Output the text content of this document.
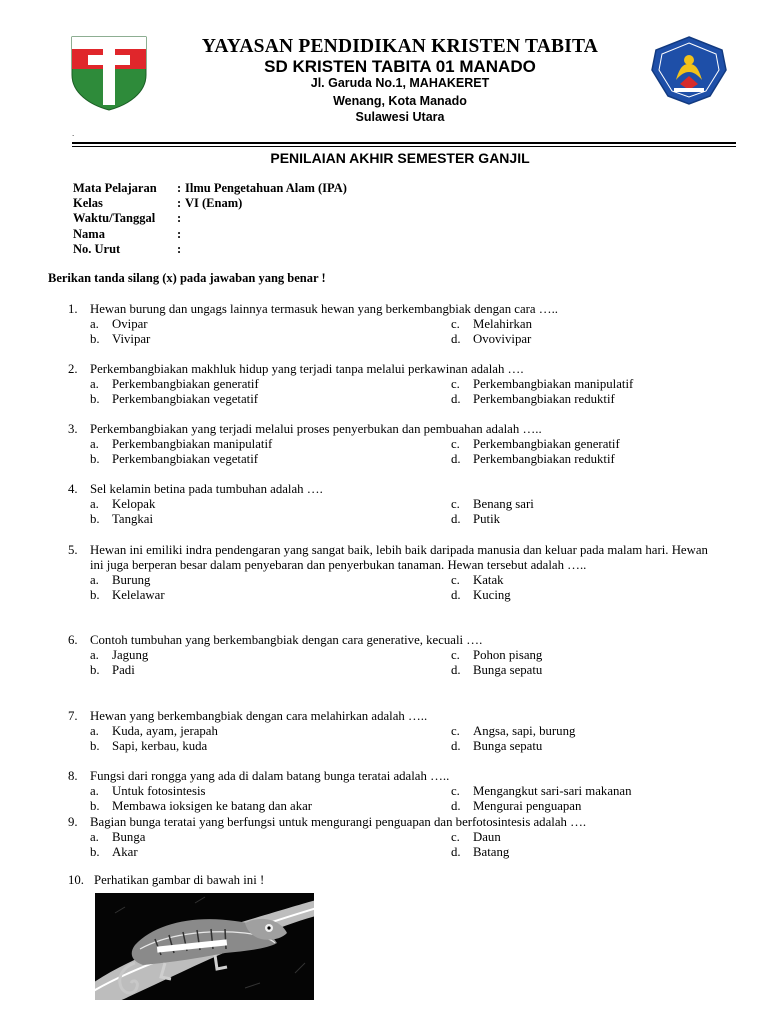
YAYASAN PENDIDIKAN KRISTEN TABITA
SD KRISTEN TABITA 01 MANADO
Jl. Garuda No.1, MAHAKERET
Wenang, Kota Manado
Sulawesi Utara
.
PENILAIAN AKHIR SEMESTER GANJIL
Mata Pelajaran : Ilmu Pengetahuan Alam (IPA)
Kelas	: VI (Enam)
Waktu/Tanggal :
Nama	:
No. Urut	:
Berikan tanda silang (x) pada jawaban yang benar !
1. Hewan burung dan ungags lainnya termasuk hewan yang berkembangbiak dengan cara …..
a. Ovipar
b. Vivipar
c. Melahirkan
d. Ovovivipar
2. Perkembangbiakan makhluk hidup yang terjadi tanpa melalui perkawinan adalah ….
a. Perkembangbiakan generatif
b. Perkembangbiakan vegetatif
c. Perkembangbiakan manipulatif
d. Perkembangbiakan reduktif
3. Perkembangbiakan yang terjadi melalui proses penyerbukan dan pembuahan adalah …..
a. Perkembangbiakan manipulatif
b. Perkembangbiakan vegetatif
c. Perkembangbiakan generatif
d. Perkembangbiakan reduktif
4. Sel kelamin betina pada tumbuhan adalah ….
a. Kelopak
b. Tangkai
c. Benang sari
d. Putik
5. Hewan ini emiliki indra pendengaran yang sangat baik, lebih baik daripada manusia dan keluar pada malam hari. Hewan ini juga berperan besar dalam penyebaran dan penyerbukan tanaman. Hewan tersebut adalah …..
a. Burung
b. Kelelawar
c. Katak
d. Kucing
6. Contoh tumbuhan yang berkembangbiak dengan cara generative, kecuali ….
a. Jagung
b. Padi
c. Pohon pisang
d. Bunga sepatu
7. Hewan yang berkembangbiak dengan cara melahirkan adalah …..
a. Kuda, ayam, jerapah
b. Sapi, kerbau, kuda
c. Angsa, sapi, burung
d. Bunga sepatu
8. Fungsi dari rongga yang ada di dalam batang bunga teratai adalah …..
a. Untuk fotosintesis
b. Membawa ioksigen ke batang dan akar
c. Mengangkut sari-sari makanan
d. Mengurai penguapan
9. Bagian bunga teratai yang berfungsi untuk mengurangi penguapan dan berfotosintesis adalah ….
a. Bunga
b. Akar
c. Daun
d. Batang
10. Perhatikan gambar di bawah ini !
